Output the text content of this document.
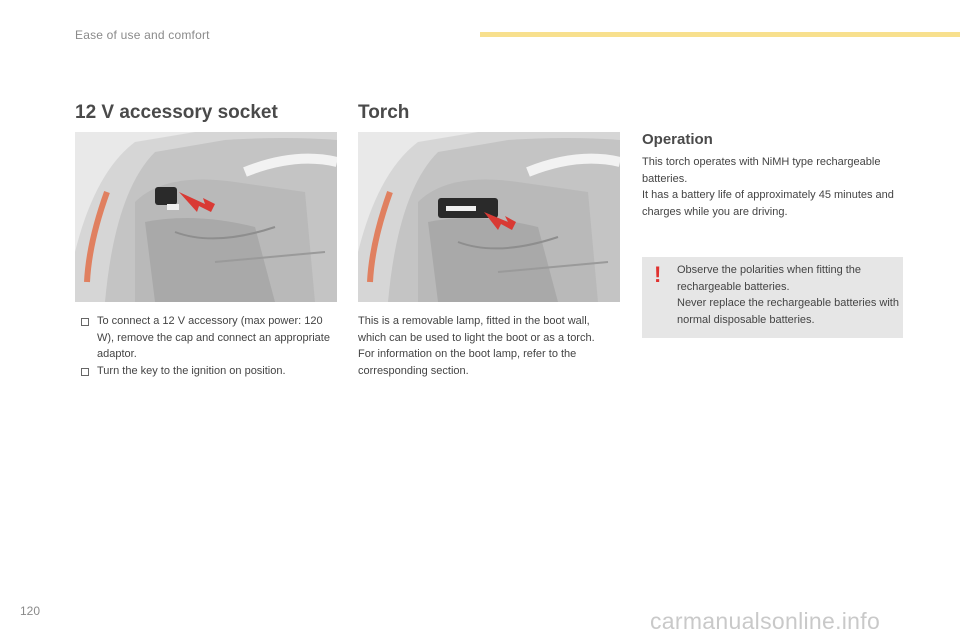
Ease of use and comfort
12 V accessory socket
To connect a 12 V accessory (max power: 120 W), remove the cap and connect an appropriate adaptor.
Turn the key to the ignition on position.
Torch
This is a removable lamp, fitted in the boot wall, which can be used to light the boot or as a torch.
For information on the boot lamp, refer to the corresponding section.
Operation
This torch operates with NiMH type rechargeable batteries.
It has a battery life of approximately 45 minutes and charges while you are driving.
! Observe the polarities when fitting the rechargeable batteries.
Never replace the rechargeable batteries with normal disposable batteries.
120	carmanualsonline.info
